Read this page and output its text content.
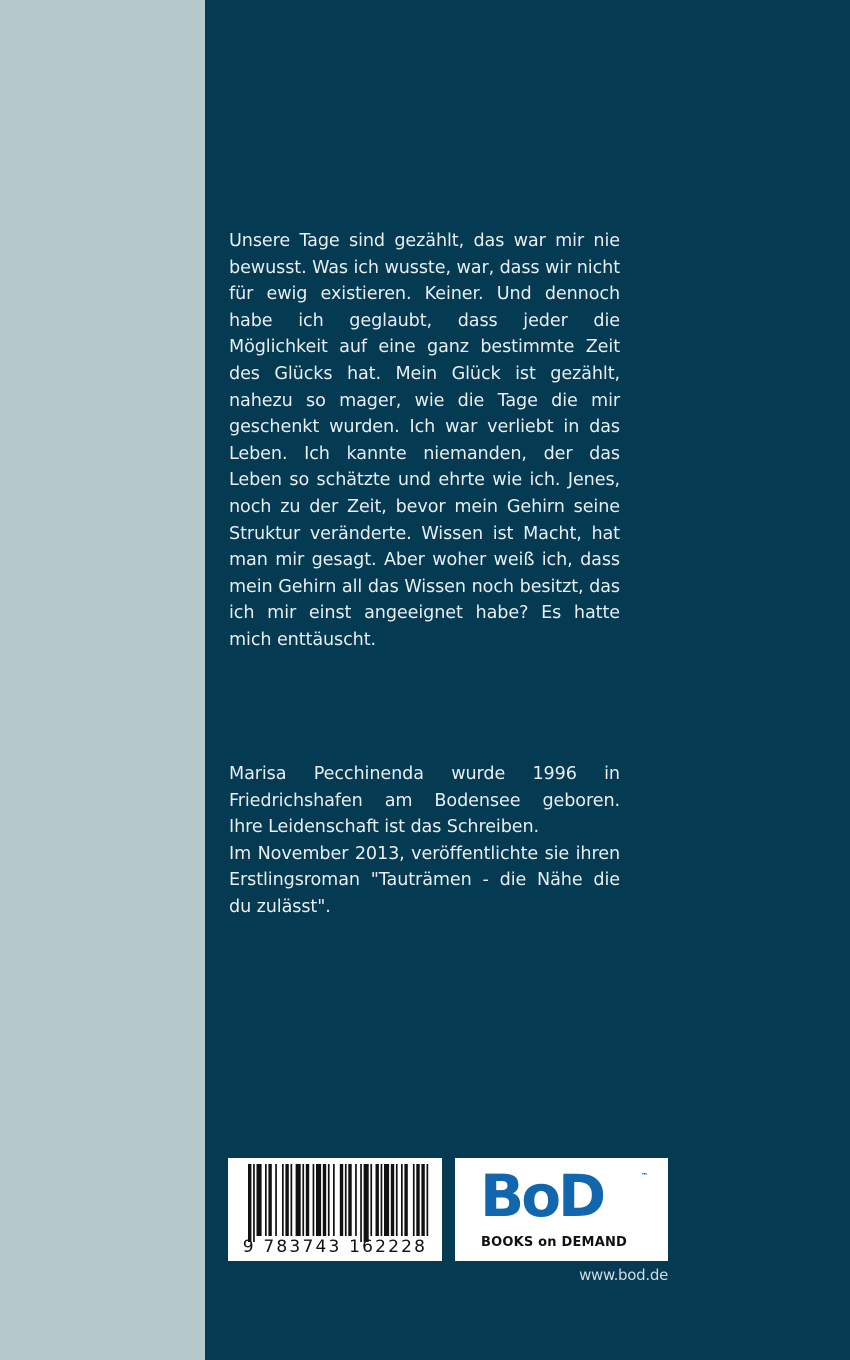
Unsere Tage sind gezählt, das war mir nie bewusst. Was ich wusste, war, dass wir nicht für ewig existieren. Keiner. Und dennoch habe ich geglaubt, dass jeder die Möglichkeit auf eine ganz bestimmte Zeit des Glücks hat. Mein Glück ist gezählt, nahezu so mager, wie die Tage die mir geschenkt wurden. Ich war verliebt in das Leben. Ich kannte niemanden, der das Leben so schätzte und ehrte wie ich. Jenes, noch zu der Zeit, bevor mein Gehirn seine Struktur veränderte. Wissen ist Macht, hat man mir gesagt. Aber woher weiß ich, dass mein Gehirn all das Wissen noch besitzt, das ich mir einst angeeignet habe? Es hatte mich enttäuscht.

Marisa Pecchinenda wurde 1996 in Friedrichshafen am Bodensee geboren.

Ihre Leidenschaft ist das Schreiben.

Im November 2013, veröffentlichte sie ihren Erstlingsroman "Tauträmen - die Nähe die du zulässt".

9 783743 162228
BoD	™
BOOKS on DEMAND
www.bod.de
